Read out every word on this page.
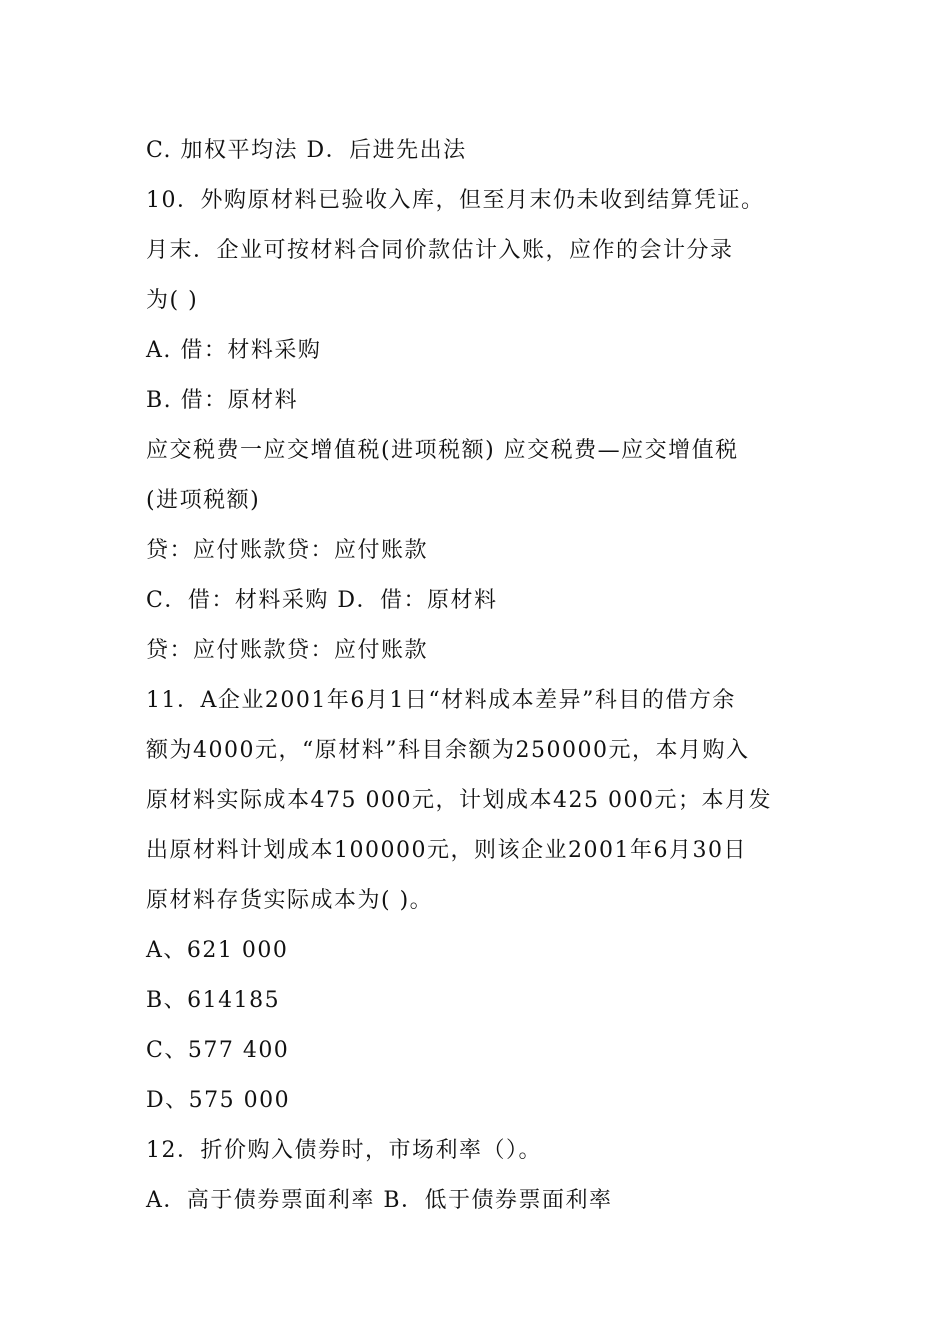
C. 加权平均法 D．后进先出法
10．外购原材料已验收入库，但至月末仍未收到结算凭证。
月末．企业可按材料合同价款估计入账，应作的会计分录
为( )
A. 借：材料采购
B. 借：原材料
应交税费一应交增值税(进项税额) 应交税费—应交增值税
(进项税额)
贷：应付账款贷：应付账款
C．借：材料采购 D．借：原材料
贷：应付账款贷：应付账款
11．A企业2001年6月1日“材料成本差异”科目的借方余
额为4000元，“原材料”科目余额为250000元，本月购入
原材料实际成本475 000元，计划成本425 000元；本月发
出原材料计划成本100000元，则该企业2001年6月30日
原材料存货实际成本为( )。
A、621 000
B、614185
C、577 400
D、575 000
12．折价购入债券时，市场利率（）。
A．高于债券票面利率 B．低于债券票面利率
